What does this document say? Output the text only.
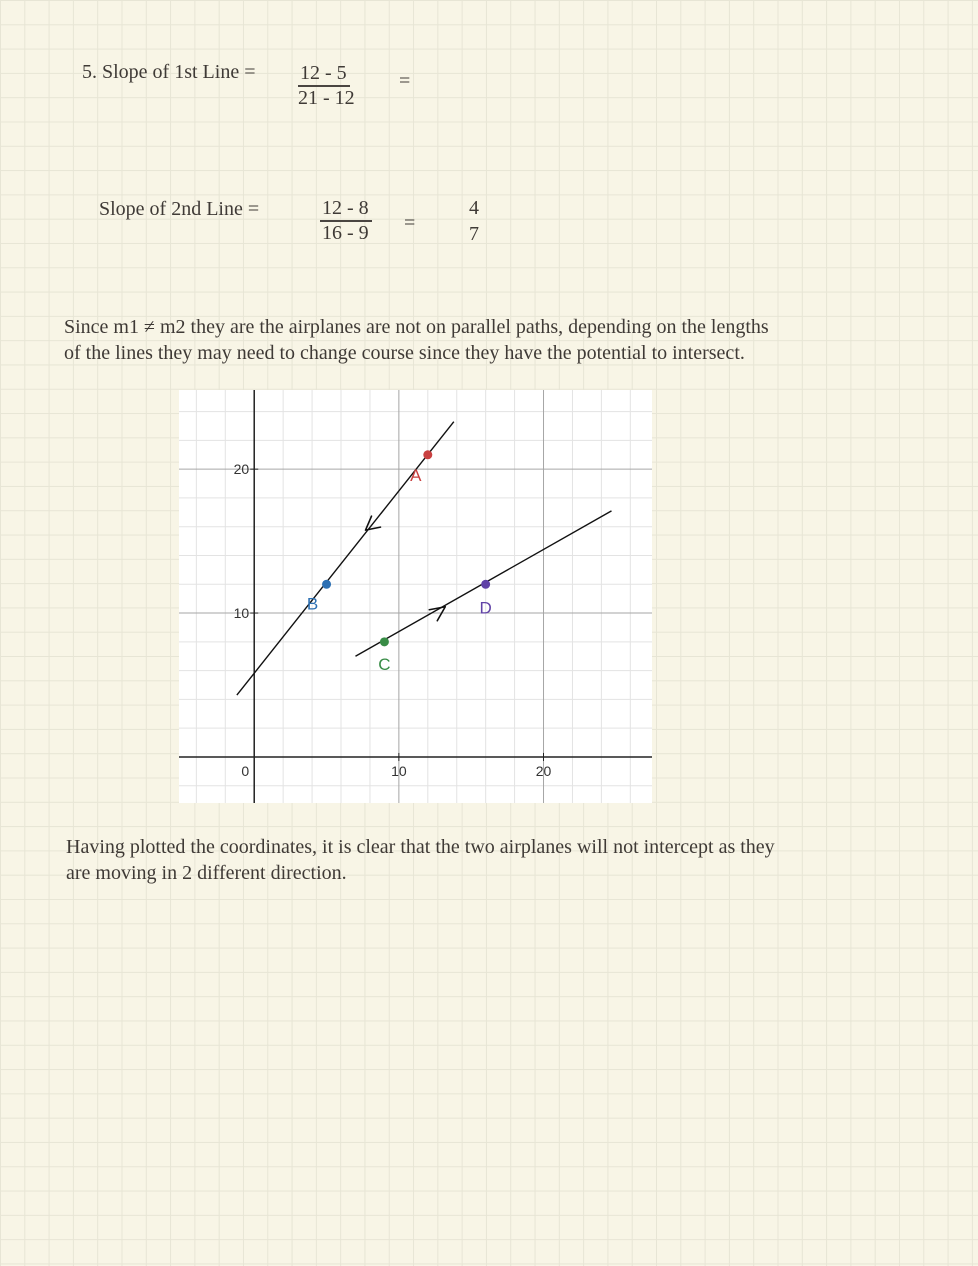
5. Slope of 1st Line = 12 - 5
21 - 12
=
Slope of 2nd Line =	12 - 8
16 - 9 =
4
7
Since m1 ≠ m2 they are the airplanes are not on parallel paths, depending on the lengths
of the lines they may need to change course since they have the potential to intersect.
A
B
C
D
0	10	20
10
20
Having plotted the coordinates, it is clear that the two airplanes will not intercept as they
are moving in 2 different direction.
